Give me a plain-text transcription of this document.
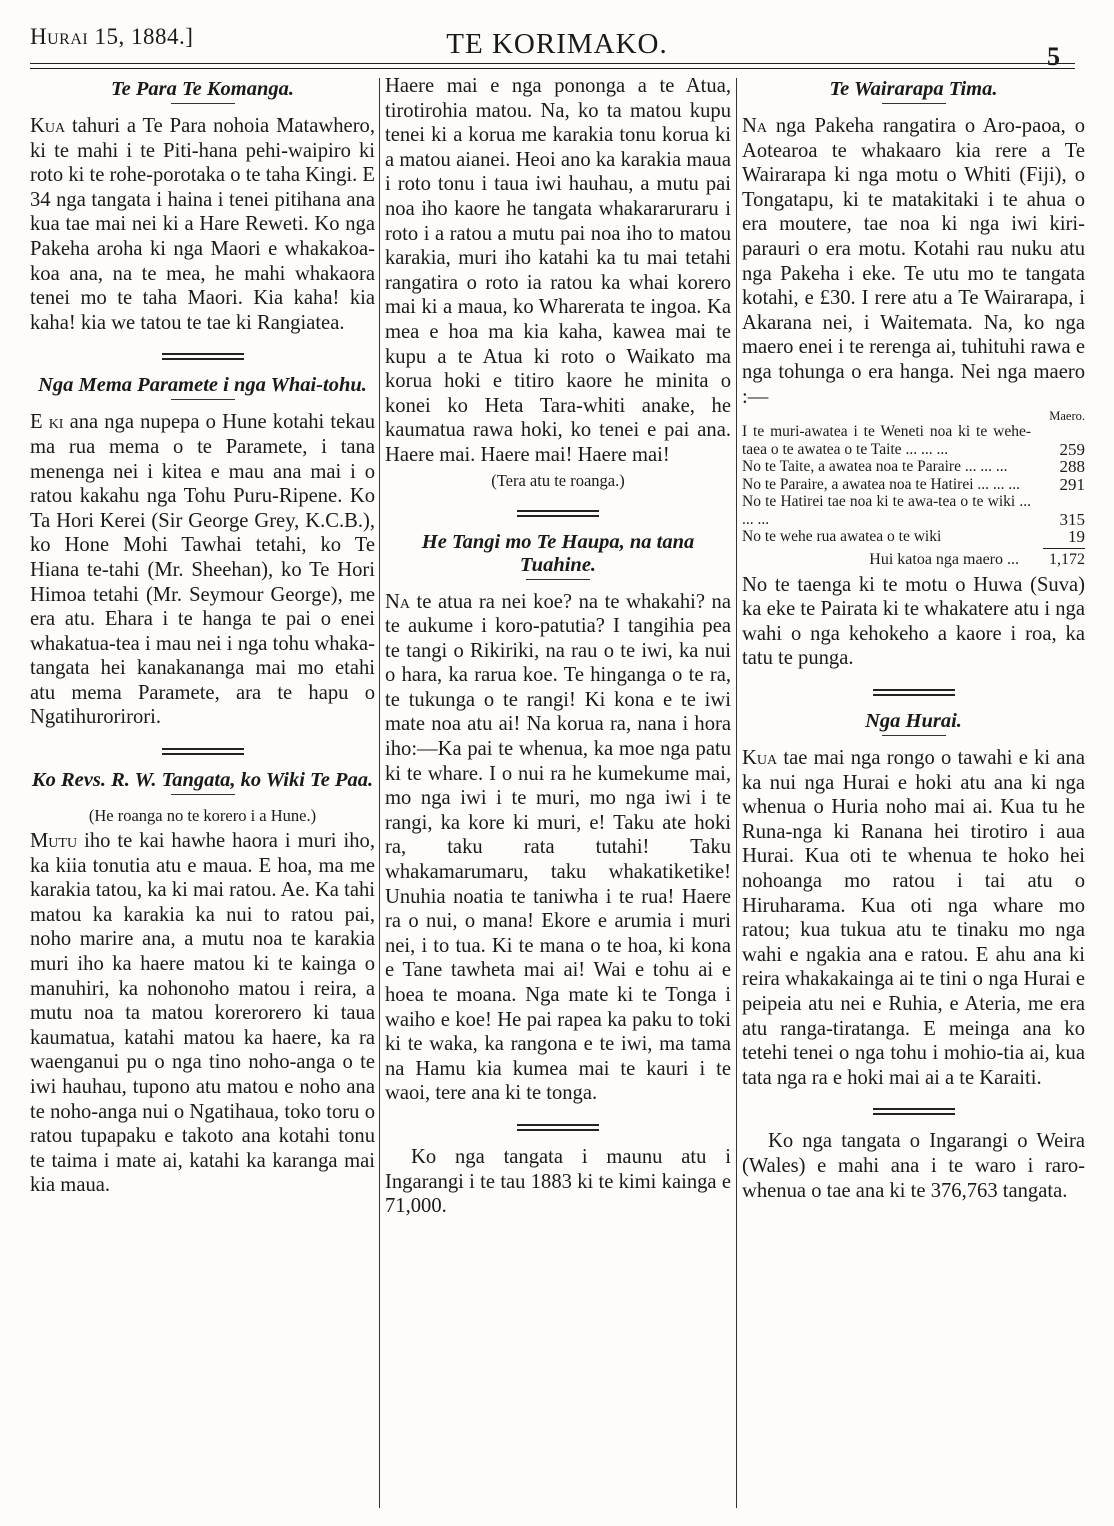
Hurai 15, 1884.]	TE KORIMAKO.	5
Te Para Te Komanga.

Kua tahuri a Te Para nohoia Matawhero, ki te mahi i te Piti-hana pehi-waipiro ki roto ki te rohe-porotaka o te taha Kingi. E 34 nga tangata i haina i tenei pitihana ana kua tae mai nei ki a Hare Reweti. Ko nga Pakeha aroha ki nga Maori e whakakoa-koa ana, na te mea, he mahi whakaora tenei mo te taha Maori. Kia kaha! kia kaha! kia we tatou te tae ki Rangiatea.

Nga Mema Paramete i nga Whai-tohu.

E ki ana nga nupepa o Hune kotahi tekau ma rua mema o te Paramete, i tana menenga nei i kitea e mau ana mai i o ratou kakahu nga Tohu Puru-Ripene. Ko Ta Hori Kerei (Sir George Grey, K.C.B.), ko Hone Mohi Tawhai tetahi, ko Te Hiana te-tahi (Mr. Sheehan), ko Te Hori Himoa tetahi (Mr. Seymour George), me era atu. Ehara i te hanga te pai o enei whakatua-tea i mau nei i nga tohu whaka-tangata hei kanakananga mai mo etahi atu mema Paramete, ara te hapu o Ngatihurorirori.

Ko Revs. R. W. Tangata, ko Wiki Te Paa.
(He roanga no te korero i a Hune.)

Mutu iho te kai hawhe haora i muri iho, ka kiia tonutia atu e maua. E hoa, ma me karakia tatou, ka ki mai ratou. Ae. Ka tahi matou ka karakia ka nui to ratou pai, noho marire ana, a mutu noa te karakia muri iho ka haere matou ki te kainga o manuhiri, ka nohonoho matou i reira, a mutu noa ta matou korerorero ki taua kaumatua, katahi matou ka haere, ka ra waenganui pu o nga tino noho-anga o te iwi hauhau, tupono atu matou e noho ana te noho-anga nui o Ngatihaua, toko toru o ratou tupapaku e takoto ana kotahi tonu te taima i mate ai, katahi ka karanga mai kia maua.

Haere mai e nga pononga a te Atua, tirotirohia matou. Na, ko ta matou kupu tenei ki a korua me karakia tonu korua ki a matou aianei. Heoi ano ka karakia maua i roto tonu i taua iwi hauhau, a mutu pai noa iho kaore he tangata whakararuraru i roto i a ratou a mutu pai noa iho to matou karakia, muri iho katahi ka tu mai tetahi rangatira o roto ia ratou ka whai korero mai ki a maua, ko Wharerata te ingoa. Ka mea e hoa ma kia kaha, kawea mai te kupu a te Atua ki roto o Waikato ma korua hoki e titiro kaore he minita o konei ko Heta Tara-whiti anake, he kaumatua rawa hoki, ko tenei e pai ana. Haere mai. Haere mai! Haere mai!

(Tera atu te roanga.)
He Tangi mo Te Haupa, na tana Tuahine.

Na te atua ra nei koe? na te whakahi? na te aukume i koro-patutia? I tangihia pea te tangi o Rikiriki, na rau o te iwi, ka nui o hara, ka rarua koe. Te hinganga o te ra, te tukunga o te rangi! Ki kona e te iwi mate noa atu ai! Na korua ra, nana i hora iho:—Ka pai te whenua, ka moe nga patu ki te whare. I o nui ra he kumekume mai, mo nga iwi i te muri, mo nga iwi i te rangi, ka kore ki muri, e! Taku ate hoki ra, taku rata tutahi! Taku whakamarumaru, taku whakatiketike! Unuhia noatia te taniwha i te rua! Haere ra o nui, o mana! Ekore e arumia i muri nei, i to tua. Ki te mana o te hoa, ki kona e Tane tawheta mai ai! Wai e tohu ai e hoea te moana. Nga mate ki te Tonga i waiho e koe! He pai rapea ka paku to toki ki te waka, ka rangona e te iwi, ma tama na Hamu kia kumea mai te kauri i te waoi, tere ana ki te tonga.

Ko nga tangata i maunu atu i Ingarangi i te tau 1883 ki te kimi kainga e 71,000.

Te Wairarapa Tima.

Na nga Pakeha rangatira o Aro-paoa, o Aotearoa te whakaaro kia rere a Te Wairarapa ki nga motu o Whiti (Fiji), o Tongatapu, ki te matakitaki i te ahua o era moutere, tae noa ki nga iwi kiri-parauri o era motu. Kotahi rau nuku atu nga Pakeha i eke. Te utu mo te tangata kotahi, e £30. I rere atu a Te Wairarapa, i Akarana nei, i Waitemata. Na, ko nga maero enei i te rerenga ai, tuhituhi rawa e nga tohunga o era hanga. Nei nga maero :—

Maero.
I te muri-awatea i te Weneti noa ki te wehe-taea o te awatea o te Taite ... ... ...	259
No te Taite, a awatea noa te Paraire ... ... ...	288
No te Paraire, a awatea noa te Hatirei ... ... ...	291
No te Hatirei tae noa ki te awa-tea o te wiki ... ... ...	315
No te wehe rua awatea o te wiki	19
Hui katoa nga maero ... 1,172

No te taenga ki te motu o Huwa (Suva) ka eke te Pairata ki te whakatere atu i nga wahi o nga kehokeho a kaore i roa, ka tatu te punga.

Nga Hurai.

Kua tae mai nga rongo o tawahi e ki ana ka nui nga Hurai e hoki atu ana ki nga whenua o Huria noho mai ai. Kua tu he Runa-nga ki Ranana hei tirotiro i aua Hurai. Kua oti te whenua te hoko hei nohoanga mo ratou i tai atu o Hiruharama. Kua oti nga whare mo ratou; kua tukua atu te tinaku mo nga wahi e ngakia ana e ratou. E ahu ana ki reira whakakainga ai te tini o nga Hurai e peipeia atu nei e Ruhia, e Ateria, me era atu ranga-tiratanga. E meinga ana ko tetehi tenei o nga tohu i mohio-tia ai, kua tata nga ra e hoki mai ai a te Karaiti.

Ko nga tangata o Ingarangi o Weira (Wales) e mahi ana i te waro i raro-whenua o tae ana ki te 376,763 tangata.
